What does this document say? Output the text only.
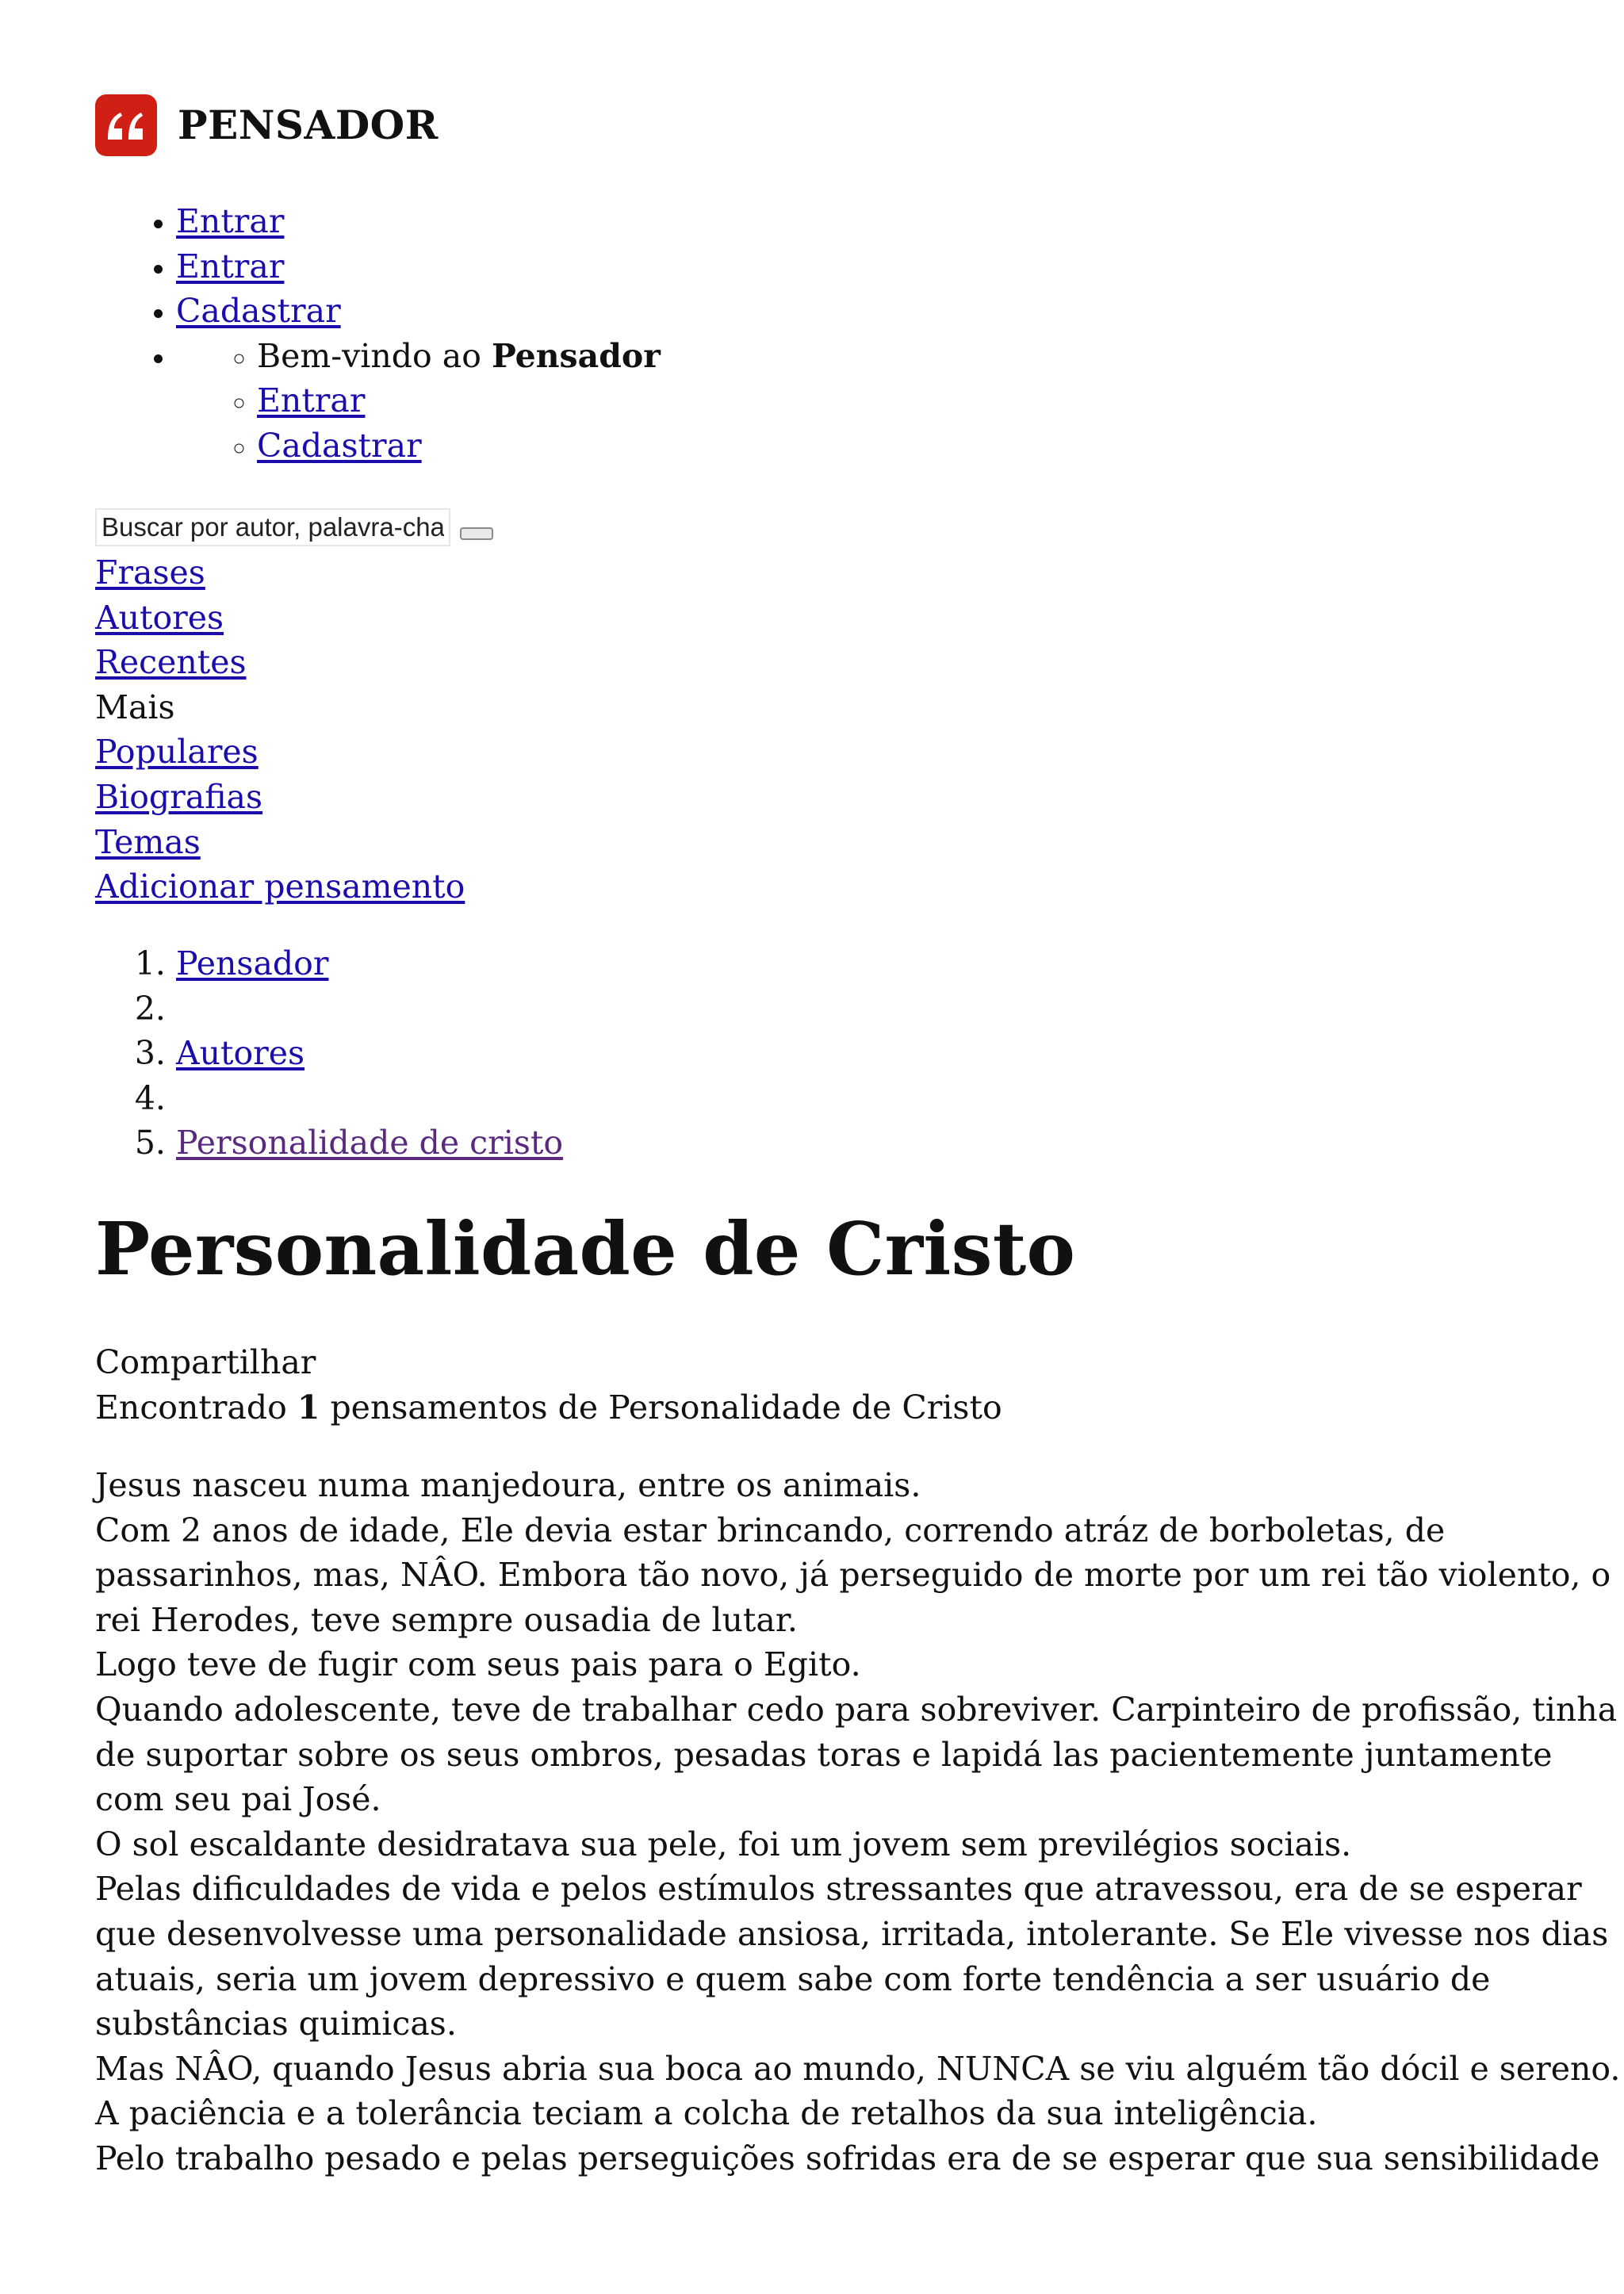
PENSADOR
• Entrar
• Entrar
• Cadastrar
◦ • Bem-vindo ao Pensador
◦ Entrar
◦ Cadastrar
Buscar por autor, palavra-chave...
Frases
Autores
Recentes
Mais
Populares
Biografias
Temas
Adicionar pensamento
1. Pensador
2.
3. Autores
4.
5. Personalidade de cristo
Personalidade de Cristo
Compartilhar
Encontrado 1 pensamentos de Personalidade de Cristo
Jesus nasceu numa manjedoura, entre os animais.
Com 2 anos de idade, Ele devia estar brincando, correndo atráz de borboletas, de
passarinhos, mas, NÂO. Embora tão novo, já perseguido de morte por um rei tão violento, o
rei Herodes, teve sempre ousadia de lutar.
Logo teve de fugir com seus pais para o Egito.
Quando adolescente, teve de trabalhar cedo para sobreviver. Carpinteiro de profissão, tinha
de suportar sobre os seus ombros, pesadas toras e lapidá las pacientemente juntamente
com seu pai José.
O sol escaldante desidratava sua pele, foi um jovem sem previlégios sociais.
Pelas dificuldades de vida e pelos estímulos stressantes que atravessou, era de se esperar
que desenvolvesse uma personalidade ansiosa, irritada, intolerante. Se Ele vivesse nos dias
atuais, seria um jovem depressivo e quem sabe com forte tendência a ser usuário de
substâncias quimicas.
Mas NÂO, quando Jesus abria sua boca ao mundo, NUNCA se viu alguém tão dócil e sereno.
A paciência e a tolerância teciam a colcha de retalhos da sua inteligência.
Pelo trabalho pesado e pelas perseguições sofridas era de se esperar que sua sensibilidade
